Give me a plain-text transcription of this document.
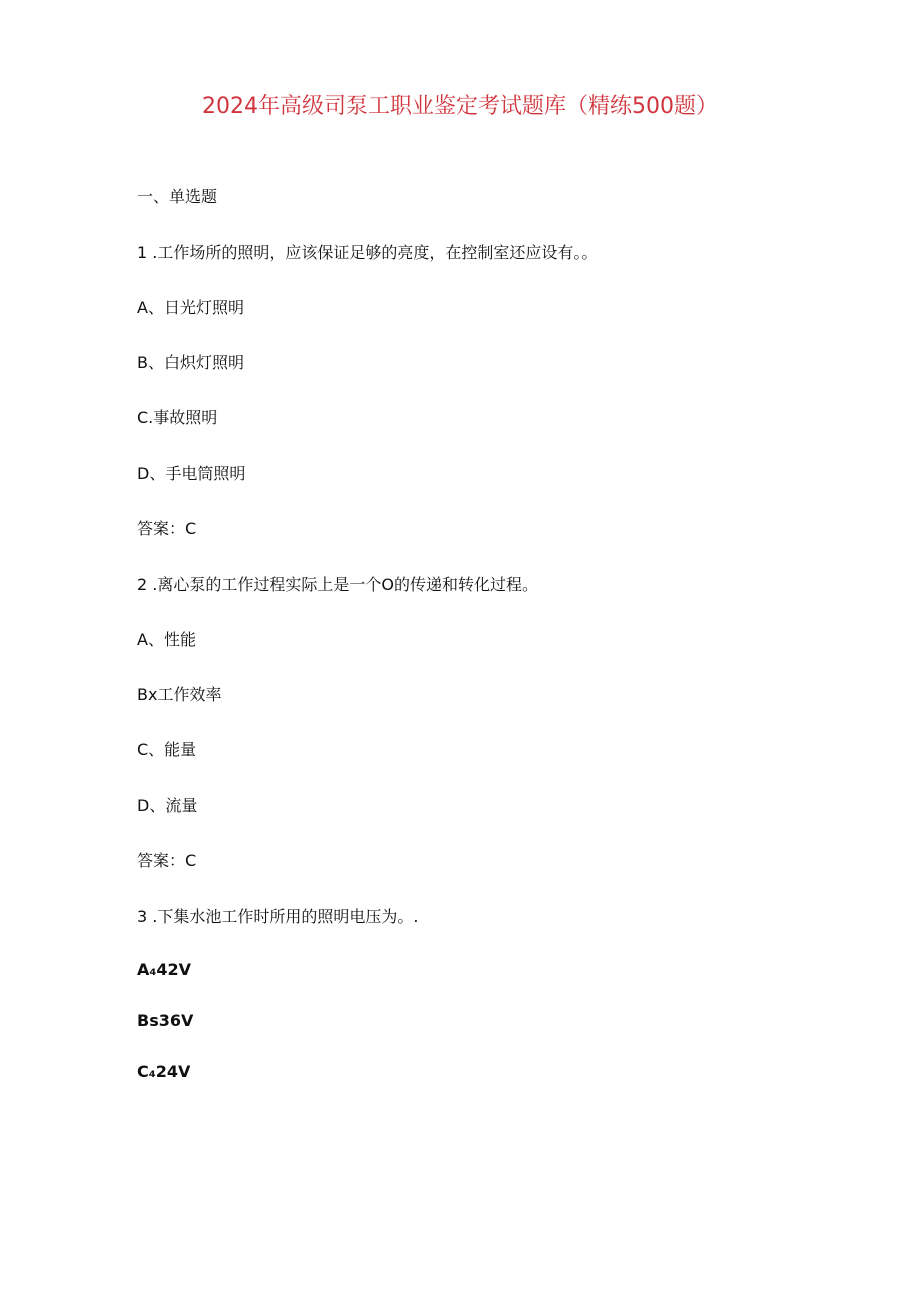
2024年高级司泵工职业鉴定考试题库（精练500题）
一、单选题
1 .工作场所的照明，应该保证足够的亮度，在控制室还应设有。。
A、日光灯照明
B、白炽灯照明
C.事故照明
D、手电筒照明
答案：C
2 .离心泵的工作过程实际上是一个O的传递和转化过程。
A、性能
Bx工作效率
C、能量
D、流量
答案：C
3 .下集水池工作时所用的照明电压为。.
A₄42V
Bs36V
C₄24V
